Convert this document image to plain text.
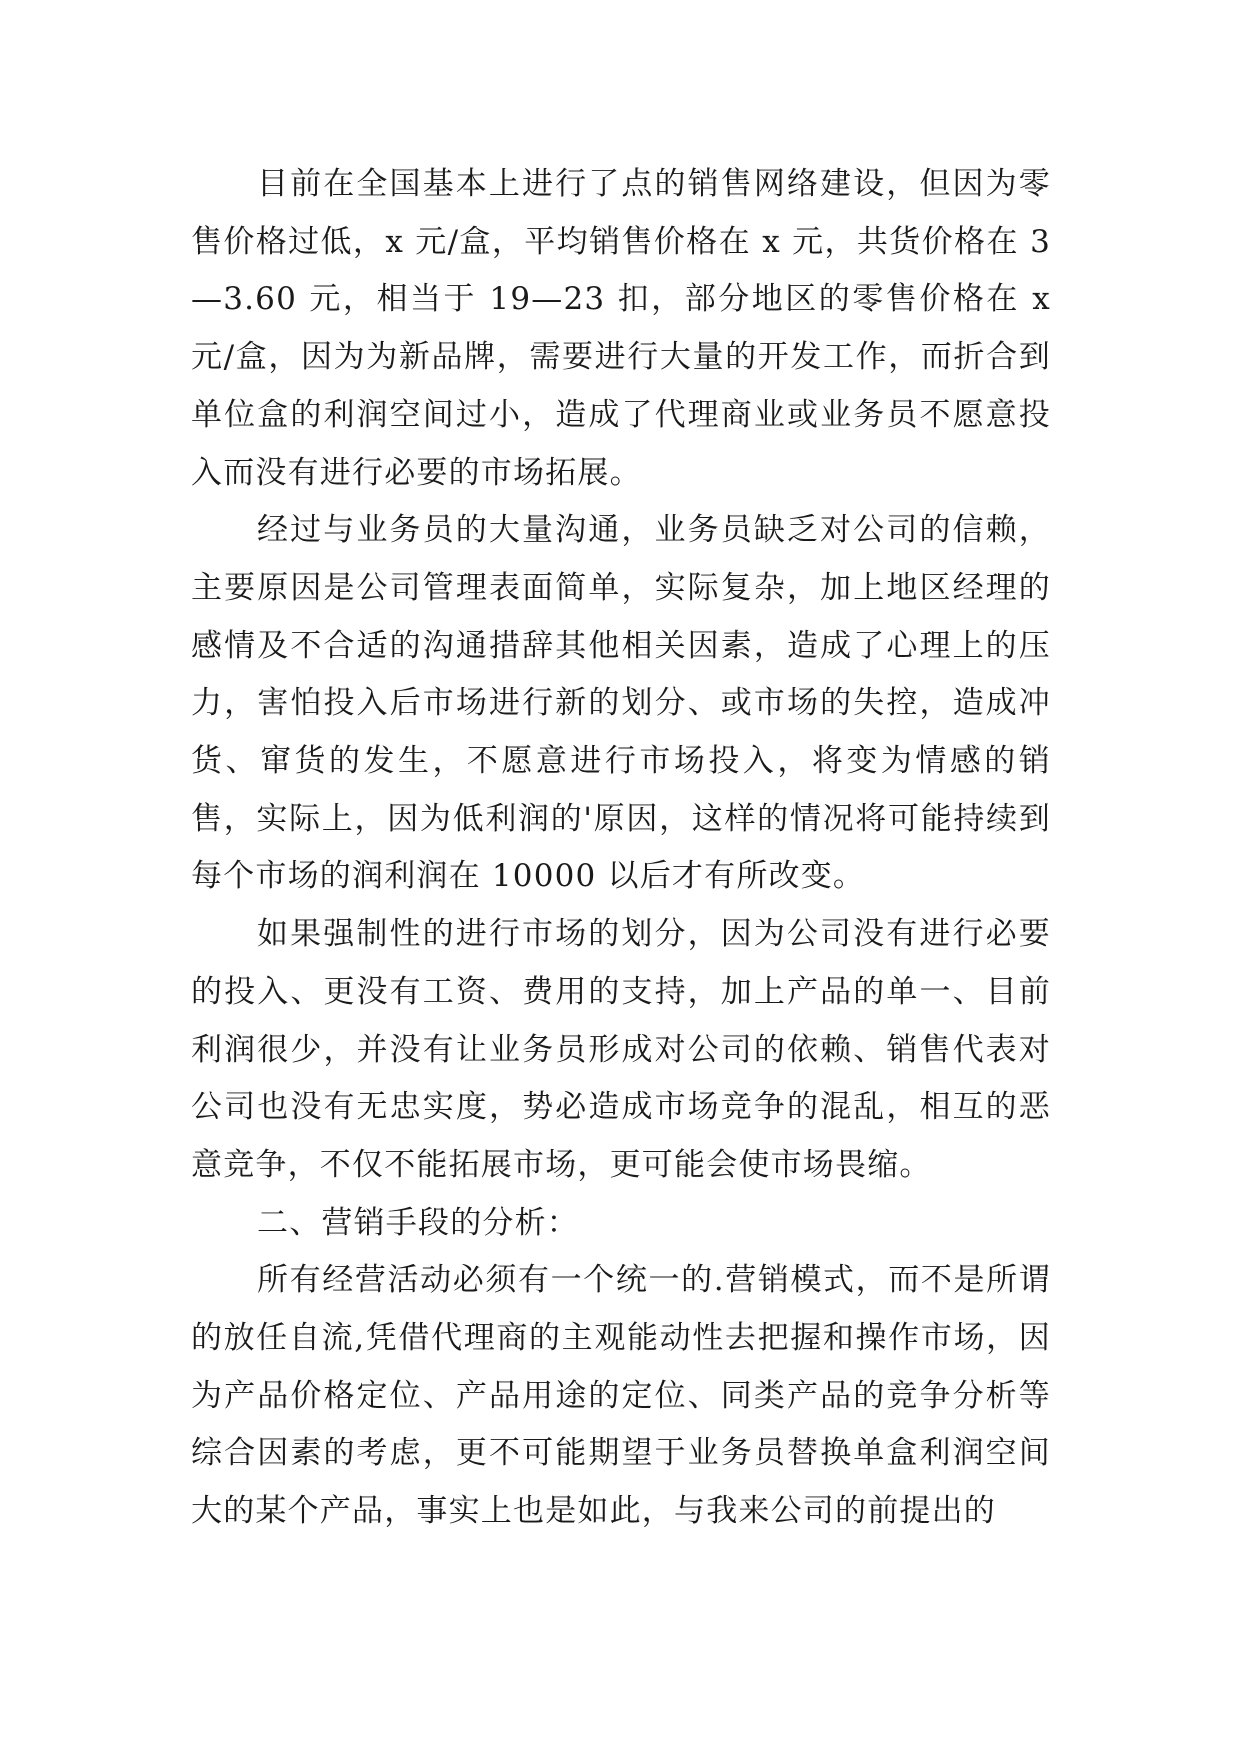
目前在全国基本上进行了点的销售网络建设，但因为零售价格过低，x 元/盒，平均销售价格在 x 元，共货价格在 3—3.60 元，相当于 19—23 扣，部分地区的零售价格在 x 元/盒，因为为新品牌，需要进行大量的开发工作，而折合到单位盒的利润空间过小，造成了代理商业或业务员不愿意投入而没有进行必要的市场拓展。

经过与业务员的大量沟通，业务员缺乏对公司的信赖，主要原因是公司管理表面简单，实际复杂，加上地区经理的感情及不合适的沟通措辞其他相关因素，造成了心理上的压力，害怕投入后市场进行新的划分、或市场的失控，造成冲货、窜货的发生，不愿意进行市场投入，将变为情感的销售，实际上，因为低利润的'原因，这样的情况将可能持续到每个市场的润利润在 10000 以后才有所改变。

如果强制性的进行市场的划分，因为公司没有进行必要的投入、更没有工资、费用的支持，加上产品的单一、目前利润很少，并没有让业务员形成对公司的依赖、销售代表对公司也没有无忠实度，势必造成市场竞争的混乱，相互的恶意竞争，不仅不能拓展市场，更可能会使市场畏缩。

二、营销手段的分析：

所有经营活动必须有一个统一的.营销模式，而不是所谓的放任自流,凭借代理商的主观能动性去把握和操作市场，因为产品价格定位、产品用途的定位、同类产品的竞争分析等综合因素的考虑，更不可能期望于业务员替换单盒利润空间大的某个产品，事实上也是如此，与我来公司的前提出的
